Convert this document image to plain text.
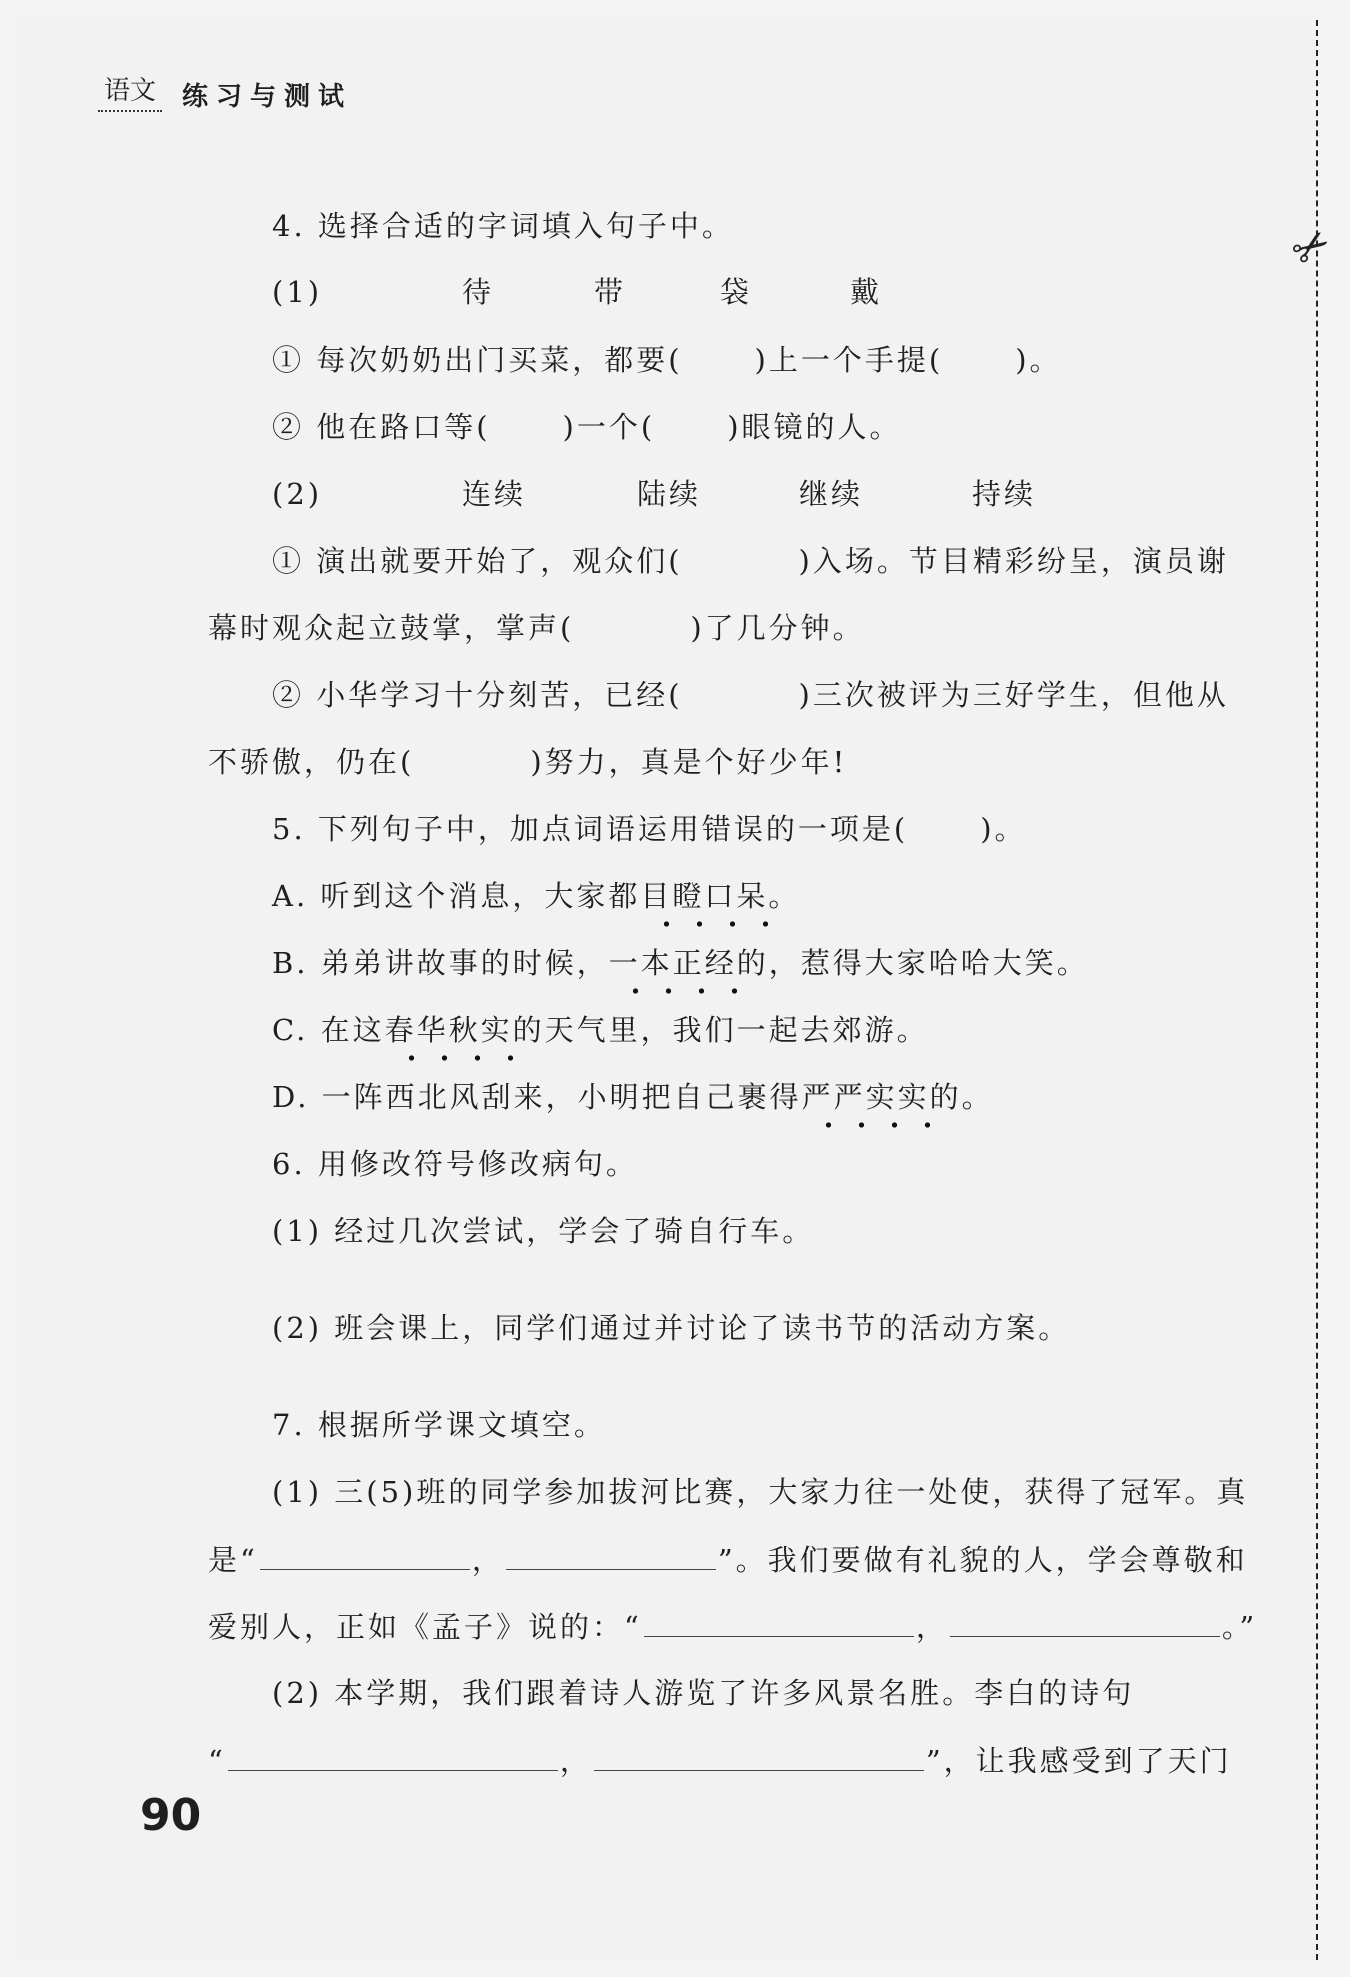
✂
语文 练习与测试
4. 选择合适的字词填入句子中。
(1)	待	带	袋	戴
① 每次奶奶出门买菜，都要( )上一个手提( )。
② 他在路口等( )一个( )眼镜的人。
(2)	连续	陆续	继续	持续
① 演出就要开始了，观众们(	)入场。节目精彩纷呈，演员谢
幕时观众起立鼓掌，掌声(	)了几分钟。
② 小华学习十分刻苦，已经(	)三次被评为三好学生，但他从
不骄傲，仍在(	)努力，真是个好少年!
5. 下列句子中，加点词语运用错误的一项是( )。
A. 听到这个消息，大家都目瞪口呆。
B. 弟弟讲故事的时候，一本正经的，惹得大家哈哈大笑。
C. 在这春华秋实的天气里，我们一起去郊游。
D. 一阵西北风刮来，小明把自己裹得严严实实的。
6. 用修改符号修改病句。
(1) 经过几次尝试，学会了骑自行车。
(2) 班会课上，同学们通过并讨论了读书节的活动方案。
7. 根据所学课文填空。
(1) 三(5)班的同学参加拔河比赛，大家力往一处使，获得了冠军。真
是“	，	”。我们要做有礼貌的人，学会尊敬和
爱别人，正如《孟子》说的：“	，	。”
(2) 本学期，我们跟着诗人游览了许多风景名胜。李白的诗句
“	，	”，让我感受到了天门
90
